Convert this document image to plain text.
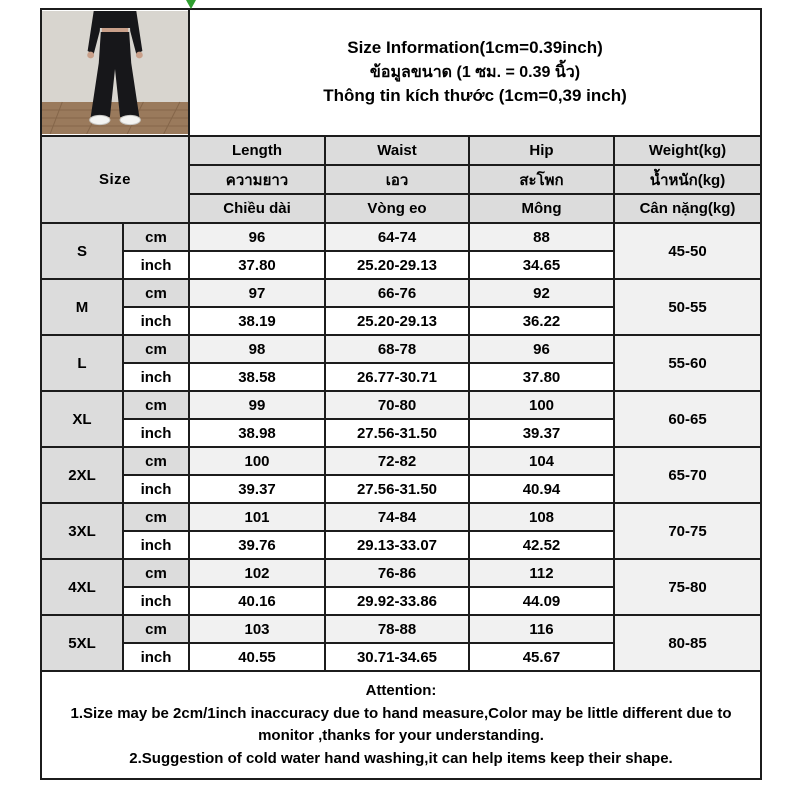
Size Information(1cm=0.39inch)
ข้อมูลขนาด (1 ซม. = 0.39 นิ้ว)
Thông tin kích thước (1cm=0,39 inch)			

Size		Length	Waist	Hip	Weight(kg)
		ความยาว	เอว	สะโพก	น้ำหนัก(kg)
		Chiều dài	Vòng eo	Mông	Cân nặng(kg)
S	cm	96	64-74	88	45-50
	inch	37.80	25.20-29.13	34.65	
M	cm	97	66-76	92	50-55
	inch	38.19	25.20-29.13	36.22	
L	cm	98	68-78	96	55-60
	inch	38.58	26.77-30.71	37.80	
XL	cm	99	70-80	100	60-65
	inch	38.98	27.56-31.50	39.37	
2XL	cm	100	72-82	104	65-70
	inch	39.37	27.56-31.50	40.94	
3XL	cm	101	74-84	108	70-75
	inch	39.76	29.13-33.07	42.52	
4XL	cm	102	76-86	112	75-80
	inch	40.16	29.92-33.86	44.09	
5XL	cm	103	78-88	116	80-85
	inch	40.55	30.71-34.65	45.67	

Attention:
1.Size may be 2cm/1inch inaccuracy due to hand measure,Color may be little different due to monitor ,thanks for your understanding.
2.Suggestion of cold water hand washing,it can help items keep their shape.					
